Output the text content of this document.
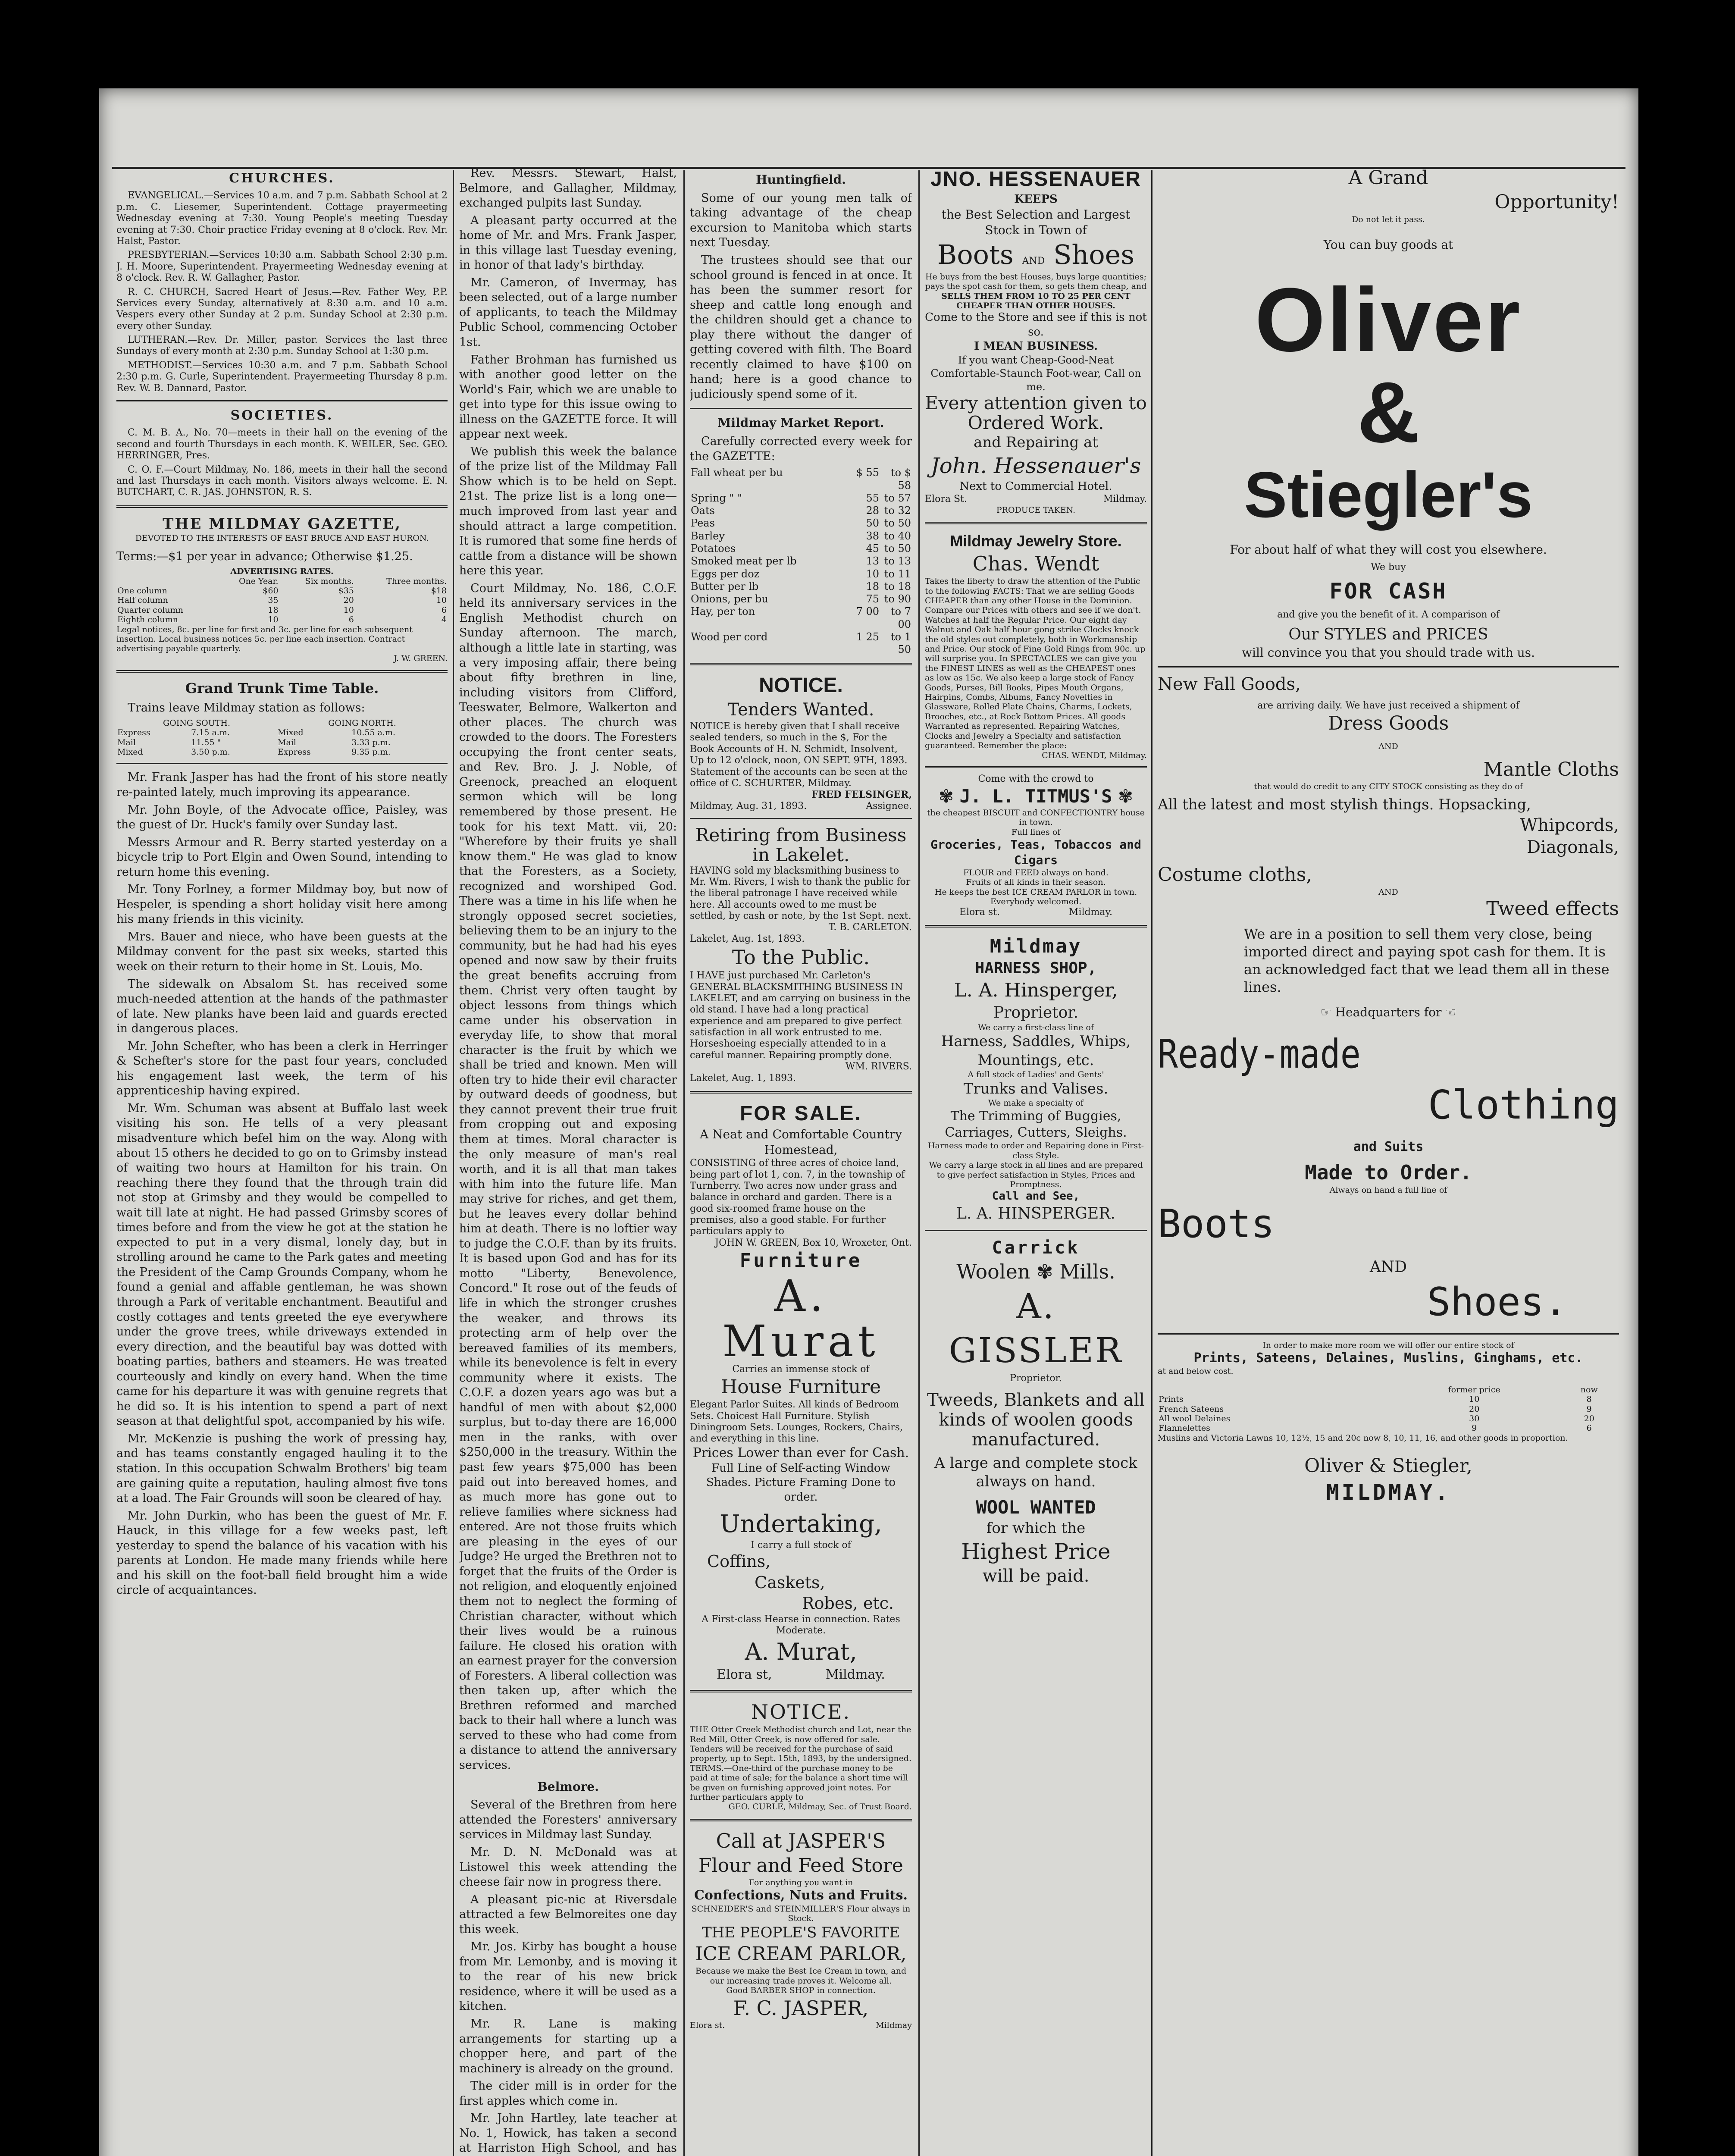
CHURCHES.

EVANGELICAL.—Services 10 a.m. and 7 p.m. Sabbath School at 2 p.m. C. Liesemer, Superintendent. Cottage prayermeeting Wednesday evening at 7:30. Young People's meeting Tuesday evening at 7:30. Choir practice Friday evening at 8 o'clock. Rev. Mr. Halst, Pastor.

PRESBYTERIAN.—Services 10:30 a.m. Sabbath School 2:30 p.m. J. H. Moore, Superintendent. Prayermeeting Wednesday evening at 8 o'clock. Rev. R. W. Gallagher, Pastor.

R. C. CHURCH, Sacred Heart of Jesus.—Rev. Father Wey, P.P. Services every Sunday, alternatively at 8:30 a.m. and 10 a.m. Vespers every other Sunday at 2 p.m. Sunday School at 2:30 p.m. every other Sunday.

LUTHERAN.—Rev. Dr. Miller, pastor. Services the last three Sundays of every month at 2:30 p.m. Sunday School at 1:30 p.m.

METHODIST.—Services 10:30 a.m. and 7 p.m. Sabbath School 2:30 p.m. G. Curle, Superintendent. Prayermeeting Thursday 8 p.m. Rev. W. B. Dannard, Pastor.

SOCIETIES.

C. M. B. A., No. 70—meets in their hall on the evening of the second and fourth Thursdays in each month. K. WEILER, Sec. GEO. HERRINGER, Pres.

C. O. F.—Court Mildmay, No. 186, meets in their hall the second and last Thursdays in each month. Visitors always welcome. E. N. BUTCHART, C. R. JAS. JOHNSTON, R. S.

THE MILDMAY GAZETTE,
DEVOTED TO THE INTERESTS OF EAST BRUCE AND EAST HURON.

Terms:—$1 per year in advance; Otherwise $1.25.

ADVERTISING RATES.
	One Year.	Six months.	Three months.
One column	$60	$35	$18
Half column	35	20	10
Quarter column	18	10	6
Eighth column	10	6	4
Legal notices, 8c. per line for first and 3c. per line for each subsequent insertion. Local business notices 5c. per line each insertion. Contract advertising payable quarterly.
J. W. GREEN.
Grand Trunk Time Table.

Trains leave Mildmay station as follows:

GOING SOUTH.		GOING NORTH.	
Express	7.15 a.m.	Mixed	10.55 a.m.
Mail	11.55 "	Mail	3.33 p.m.
Mixed	3.50 p.m.	Express	9.35 p.m.

Mr. Frank Jasper has had the front of his store neatly re-painted lately, much improving its appearance.

Mr. John Boyle, of the Advocate office, Paisley, was the guest of Dr. Huck's family over Sunday last.

Messrs Armour and R. Berry started yesterday on a bicycle trip to Port Elgin and Owen Sound, intending to return home this evening.

Mr. Tony Forlney, a former Mildmay boy, but now of Hespeler, is spending a short holiday visit here among his many friends in this vicinity.

Mrs. Bauer and niece, who have been guests at the Mildmay convent for the past six weeks, started this week on their return to their home in St. Louis, Mo.

The sidewalk on Absalom St. has received some much-needed attention at the hands of the pathmaster of late. New planks have been laid and guards erected in dangerous places.

Mr. John Schefter, who has been a clerk in Herringer & Schefter's store for the past four years, concluded his engagement last week, the term of his apprenticeship having expired.

Mr. Wm. Schuman was absent at Buffalo last week visiting his son. He tells of a very pleasant misadventure which befel him on the way. Along with about 15 others he decided to go on to Grimsby instead of waiting two hours at Hamilton for his train. On reaching there they found that the through train did not stop at Grimsby and they would be compelled to wait till late at night. He had passed Grimsby scores of times before and from the view he got at the station he expected to put in a very dismal, lonely day, but in strolling around he came to the Park gates and meeting the President of the Camp Grounds Company, whom he found a genial and affable gentleman, he was shown through a Park of veritable enchantment. Beautiful and costly cottages and tents greeted the eye everywhere under the grove trees, while driveways extended in every direction, and the beautiful bay was dotted with boating parties, bathers and steamers. He was treated courteously and kindly on every hand. When the time came for his departure it was with genuine regrets that he did so. It is his intention to spend a part of next season at that delightful spot, accompanied by his wife.

Mr. McKenzie is pushing the work of pressing hay, and has teams constantly engaged hauling it to the station. In this occupation Schwalm Brothers' big team are gaining quite a reputation, hauling almost five tons at a load. The Fair Grounds will soon be cleared of hay.

Mr. John Durkin, who has been the guest of Mr. F. Hauck, in this village for a few weeks past, left yesterday to spend the balance of his vacation with his parents at London. He made many friends while here and his skill on the foot-ball field brought him a wide circle of acquaintances.

Rev. Messrs. Stewart, Halst, Belmore, and Gallagher, Mildmay, exchanged pulpits last Sunday.

A pleasant party occurred at the home of Mr. and Mrs. Frank Jasper, in this village last Tuesday evening, in honor of that lady's birthday.

Mr. Cameron, of Invermay, has been selected, out of a large number of applicants, to teach the Mildmay Public School, commencing October 1st.

Father Brohman has furnished us with another good letter on the World's Fair, which we are unable to get into type for this issue owing to illness on the GAZETTE force. It will appear next week.

We publish this week the balance of the prize list of the Mildmay Fall Show which is to be held on Sept. 21st. The prize list is a long one—much improved from last year and should attract a large competition. It is rumored that some fine herds of cattle from a distance will be shown here this year.

Court Mildmay, No. 186, C.O.F. held its anniversary services in the English Methodist church on Sunday afternoon. The march, although a little late in starting, was a very imposing affair, there being about fifty brethren in line, including visitors from Clifford, Teeswater, Belmore, Walkerton and other places. The church was crowded to the doors. The Foresters occupying the front center seats, and Rev. Bro. J. J. Noble, of Greenock, preached an eloquent sermon which will be long remembered by those present. He took for his text Matt. vii, 20: "Wherefore by their fruits ye shall know them." He was glad to know that the Foresters, as a Society, recognized and worshiped God. There was a time in his life when he strongly opposed secret societies, believing them to be an injury to the community, but he had had his eyes opened and now saw by their fruits the great benefits accruing from them. Christ very often taught by object lessons from things which came under his observation in everyday life, to show that moral character is the fruit by which we shall be tried and known. Men will often try to hide their evil character by outward deeds of goodness, but they cannot prevent their true fruit from cropping out and exposing them at times. Moral character is the only measure of man's real worth, and it is all that man takes with him into the future life. Man may strive for riches, and get them, but he leaves every dollar behind him at death. There is no loftier way to judge the C.O.F. than by its fruits. It is based upon God and has for its motto "Liberty, Benevolence, Concord." It rose out of the feuds of life in which the stronger crushes the weaker, and throws its protecting arm of help over the bereaved families of its members, while its benevolence is felt in every community where it exists. The C.O.F. a dozen years ago was but a handful of men with about $2,000 surplus, but to-day there are 16,000 men in the ranks, with over $250,000 in the treasury. Within the past few years $75,000 has been paid out into bereaved homes, and as much more has gone out to relieve families where sickness had entered. Are not those fruits which are pleasing in the eyes of our Judge? He urged the Brethren not to forget that the fruits of the Order is not religion, and eloquently enjoined them not to neglect the forming of Christian character, without which their lives would be a ruinous failure. He closed his oration with an earnest prayer for the conversion of Foresters. A liberal collection was then taken up, after which the Brethren reformed and marched back to their hall where a lunch was served to these who had come from a distance to attend the anniversary services.

Belmore.

Several of the Brethren from here attended the Foresters' anniversary services in Mildmay last Sunday.

Mr. D. N. McDonald was at Listowel this week attending the cheese fair now in progress there.

A pleasant pic-nic at Riversdale attracted a few Belmoreites one day this week.

Mr. Jos. Kirby has bought a house from Mr. Lemonby, and is moving it to the rear of his new brick residence, where it will be used as a kitchen.

Mr. R. Lane is making arrangements for starting up a chopper here, and part of the machinery is already on the ground.

The cider mill is in order for the first apples which come in.

Mr. John Hartley, late teacher at No. 1, Howick, has taken a second at Harriston High School, and has

Huntingfield.

Some of our young men talk of taking advantage of the cheap excursion to Manitoba which starts next Tuesday.

The trustees should see that our school ground is fenced in at once. It has been the summer resort for sheep and cattle long enough and the children should get a chance to play there without the danger of getting covered with filth. The Board recently claimed to have $100 on hand; here is a good chance to judiciously spend some of it.

Mildmay Market Report.

Carefully corrected every week for the GAZETTE:

Fall wheat per bu	$ 55	to $ 58
Spring " "	55	to 57
Oats	28	to 32
Peas	50	to 50
Barley	38	to 40
Potatoes	45	to 50
Smoked meat per lb	13	to 13
Eggs per doz	10	to 11
Butter per lb	18	to 18
Onions, per bu	75	to 90
Hay, per ton	7 00	to 7 00
Wood per cord	1 25	to 1 50
NOTICE.
Tenders Wanted.
NOTICE is hereby given that I shall receive sealed tenders, so much in the $, For the Book Accounts of H. N. Schmidt, Insolvent, Up to 12 o'clock, noon, ON SEPT. 9TH, 1893. Statement of the accounts can be seen at the office of C. SCHURTER, Mildmay.
FRED FELSINGER,
Mildmay, Aug. 31, 1893.	Assignee.
Retiring from Business in Lakelet.
HAVING sold my blacksmithing business to Mr. Wm. Rivers, I wish to thank the public for the liberal patronage I have received while here. All accounts owed to me must be settled, by cash or note, by the 1st Sept. next.
T. B. CARLETON.
Lakelet, Aug. 1st, 1893.
To the Public.
I HAVE just purchased Mr. Carleton's GENERAL BLACKSMITHING BUSINESS IN LAKELET, and am carrying on business in the old stand. I have had a long practical experience and am prepared to give perfect satisfaction in all work entrusted to me. Horseshoeing especially attended to in a careful manner. Repairing promptly done.
WM. RIVERS.
Lakelet, Aug. 1, 1893.
FOR SALE.
A Neat and Comfortable Country Homestead,
CONSISTING of three acres of choice land, being part of lot 1, con. 7, in the township of Turnberry. Two acres now under grass and balance in orchard and garden. There is a good six-roomed frame house on the premises, also a good stable. For further particulars apply to
JOHN W. GREEN, Box 10, Wroxeter, Ont.
Furniture
A. Murat
Carries an immense stock of
House Furniture
Elegant Parlor Suites. All kinds of Bedroom Sets. Choicest Hall Furniture. Stylish Diningroom Sets. Lounges, Rockers, Chairs, and everything in this line.
Prices Lower than ever for Cash.
Full Line of Self-acting Window Shades. Picture Framing Done to order.
Undertaking,
I carry a full stock of
Coffins,
Caskets,
Robes, etc.
A First-class Hearse in connection. Rates Moderate.
A. Murat,
Elora st,	Mildmay.
NOTICE.
THE Otter Creek Methodist church and Lot, near the Red Mill, Otter Creek, is now offered for sale. Tenders will be received for the purchase of said property, up to Sept. 15th, 1893, by the undersigned. TERMS.—One-third of the purchase money to be paid at time of sale; for the balance a short time will be given on furnishing approved joint notes. For further particulars apply to
GEO. CURLE, Mildmay, Sec. of Trust Board.
Call at JASPER'S
Flour and Feed Store
For anything you want in
Confections, Nuts and Fruits.
SCHNEIDER'S and STEINMILLER'S Flour always in Stock.
THE PEOPLE'S FAVORITE
ICE CREAM PARLOR,
Because we make the Best Ice Cream in town, and our increasing trade proves it. Welcome all.
Good BARBER SHOP in connection.
F. C. JASPER,
Elora st.	Mildmay
JNO. HESSENAUER
KEEPS
the Best Selection and Largest Stock in Town of
Boots AND Shoes
He buys from the best Houses, buys large quantities; pays the spot cash for them, so gets them cheap, and
SELLS THEM FROM 10 TO 25 PER CENT CHEAPER THAN OTHER HOUSES.
Come to the Store and see if this is not so.
I MEAN BUSINESS.
If you want Cheap-Good-Neat Comfortable-Staunch Foot-wear, Call on me.
Every attention given to Ordered Work.
and Repairing at
John. Hessenauer's
Next to Commercial Hotel.
Elora St.	Mildmay.
PRODUCE TAKEN.
Mildmay Jewelry Store.
Chas. Wendt
Takes the liberty to draw the attention of the Public to the following FACTS: That we are selling Goods CHEAPER than any other House in the Dominion. Compare our Prices with others and see if we don't. Watches at half the Regular Price. Our eight day Walnut and Oak half hour gong strike Clocks knock the old styles out completely, both in Workmanship and Price. Our stock of Fine Gold Rings from 90c. up will surprise you. In SPECTACLES we can give you the FINEST LINES as well as the CHEAPEST ones as low as 15c. We also keep a large stock of Fancy Goods, Purses, Bill Books, Pipes Mouth Organs, Hairpins, Combs, Albums, Fancy Novelties in Glassware, Rolled Plate Chains, Charms, Lockets, Brooches, etc., at Rock Bottom Prices. All goods Warranted as represented. Repairing Watches, Clocks and Jewelry a Specialty and satisfaction guaranteed. Remember the place:
CHAS. WENDT, Mildmay.
Come with the crowd to
✾ J. L. TITMUS'S ✾
the cheapest BISCUIT and CONFECTIONTRY house in town.
Full lines of
Groceries, Teas, Tobaccos and Cigars
FLOUR and FEED always on hand.
Fruits of all kinds in their season.
He keeps the best ICE CREAM PARLOR in town.
Everybody welcomed.
Elora st.	Mildmay.
Mildmay
HARNESS SHOP,
L. A. Hinsperger,
Proprietor.
We carry a first-class line of
Harness, Saddles, Whips, Mountings, etc.
A full stock of Ladies' and Gents'
Trunks and Valises.
We make a specialty of
The Trimming of Buggies, Carriages, Cutters, Sleighs.
Harness made to order and Repairing done in First-class Style.
We carry a large stock in all lines and are prepared to give perfect satisfaction in Styles, Prices and Promptness.
Call and See,
L. A. HINSPERGER.
Carrick
Woolen ✾ Mills.
A. GISSLER
Proprietor.
Tweeds, Blankets and all kinds of woolen goods manufactured.
A large and complete stock always on hand.
WOOL WANTED
for which the
Highest Price
will be paid.
A Grand
Opportunity!
Do not let it pass.
You can buy goods at
Oliver
&
Stiegler's
For about half of what they will cost you elsewhere.
We buy
FOR CASH
and give you the benefit of it. A comparison of
Our STYLES and PRICES
will convince you that you should trade with us.
New Fall Goods,
are arriving daily. We have just received a shipment of
Dress Goods
AND
Mantle Cloths
that would do credit to any CITY STOCK consisting as they do of
All the latest and most stylish things. Hopsacking,
Whipcords,
Diagonals,
Costume cloths,
AND
Tweed effects
We are in a position to sell them very close, being imported direct and paying spot cash for them. It is an acknowledged fact that we lead them all in these lines.
☞ Headquarters for ☜
Ready-made
Clothing
and Suits
Made to Order.
Always on hand a full line of
Boots
AND
Shoes.
In order to make more room we will offer our entire stock of
Prints, Sateens, Delaines, Muslins, Ginghams, etc.
at and below cost.
	former price	now
Prints	10	8
French Sateens	20	9
All wool Delaines	30	20
Flannelettes	9	6
Muslins and Victoria Lawns 10, 12½, 15 and 20c now 8, 10, 11, 16, and other goods in proportion.
Oliver & Stiegler,
MILDMAY.
